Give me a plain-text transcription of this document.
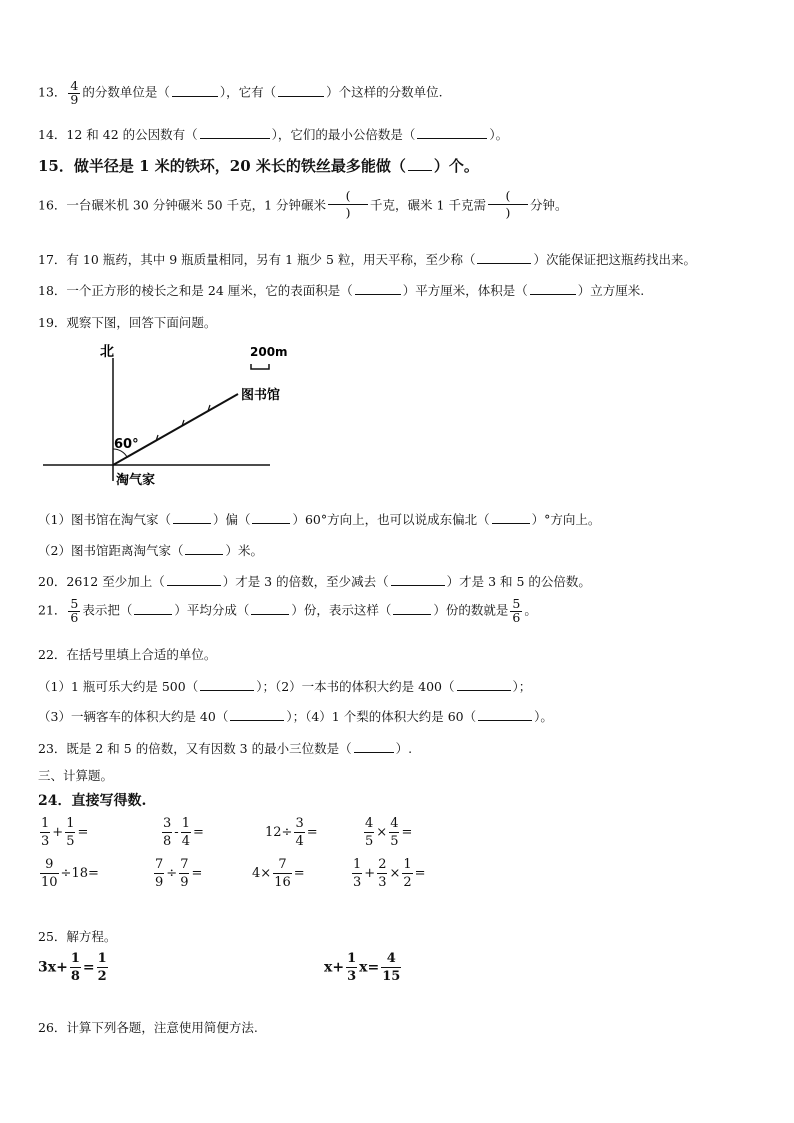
13． $\frac{4}{9}$ 的分数单位是（	），它有（	）个这样的分数单位.
14．12 和 42 的公因数有（	），它们的最小公倍数是（	）。
15．做半径是 1 米的铁环，20 米长的铁丝最多能做（ ）个。
16．一台碾米机 30 分钟碾米 50 千克，1 分钟碾米
(
)	千克，碾米 1 千克需
(
)	分钟。
17．有 10 瓶药，其中 9 瓶质量相同，另有 1 瓶少 5 粒，用天平称，至少称（	）次能保证把这瓶药找出来。
18．一个正方形的棱长之和是 24 厘米，它的表面积是（	）平方厘米，体积是（	）立方厘米.
19．观察下图，回答下面问题。
北	200m
图书馆
60°
淘气家
（1）图书馆在淘气家（	）偏（	）60°方向上，也可以说成东偏北（	）°方向上。
（2）图书馆距离淘气家（	）米。
20．2612 至少加上（	）才是 3 的倍数，至少减去（	）才是 3 和 5 的公倍数。
21． $\frac{5}{6}$ 表示把（	）平均分成（	）份，表示这样（	）份的数就是 $\frac{5}{6}$ 。
22．在括号里填上合适的单位。
（1）1 瓶可乐大约是 500（	）；（2）一本书的体积大约是 400（	）；
（3）一辆客车的体积大约是 40（	）；（4）1 个梨的体积大约是 60（	）。
23．既是 2 和 5 的倍数，又有因数 3 的最小三位数是（	）.
三、计算题。
24．直接写得数.
$\frac{1}{3} + \frac{1}{5}$ =	$\frac{3}{8} - \frac{1}{4}$ =	$12\div \frac{3}{4}$ =	$\frac{4}{5} \times \frac{4}{5}$ =
$\frac{9}{10} \div 18=$	$\frac{7}{9} \div \frac{7}{9}$ =	$4\times \frac{7}{16}$ =	$\frac{1}{3} + \frac{2}{3} \times \frac{1}{2}$ =
25．解方程。
$3x+ \frac{1}{8} = \frac{1}{2}$	$x+ \frac{1}{3} x= \frac{4}{15}$
26．计算下列各题，注意使用简便方法.
